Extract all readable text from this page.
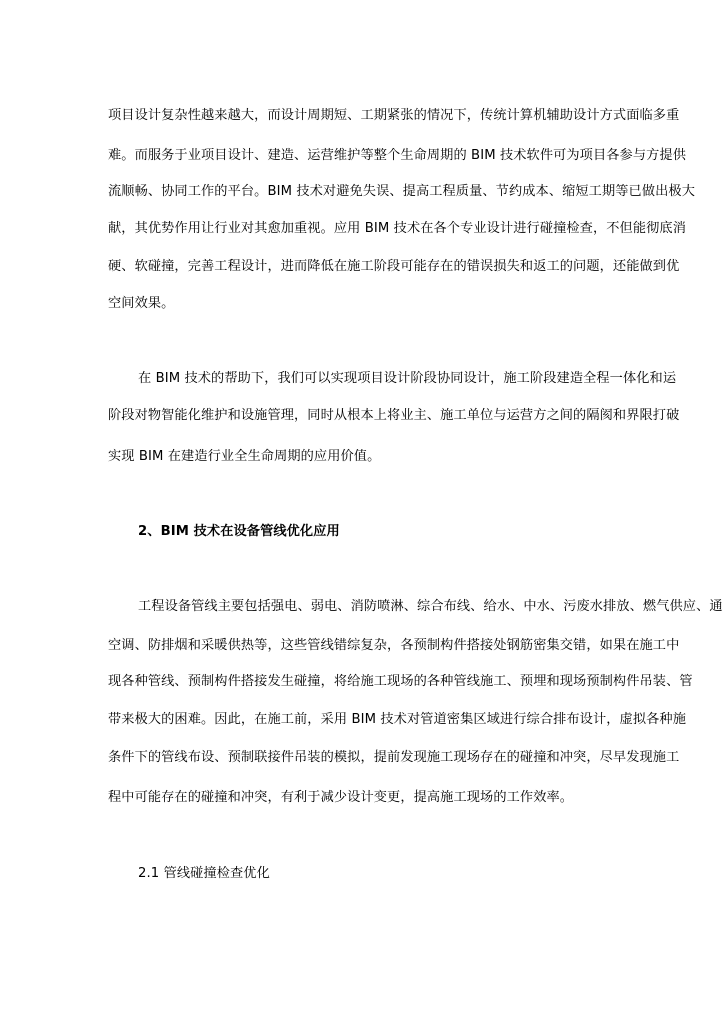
项目设计复杂性越来越大，而设计周期短、工期紧张的情况下，传统计算机辅助设计方式面临多重
难。而服务于业项目设计、建造、运营维护等整个生命周期的 BIM 技术软件可为项目各参与方提供
流顺畅、协同工作的平台。BIM 技术对避免失误、提高工程质量、节约成本、缩短工期等已做出极大
献，其优势作用让行业对其愈加重视。应用 BIM 技术在各个专业设计进行碰撞检查，不但能彻底消
硬、软碰撞，完善工程设计，进而降低在施工阶段可能存在的错误损失和返工的问题，还能做到优
空间效果。
在 BIM 技术的帮助下，我们可以实现项目设计阶段协同设计，施工阶段建造全程一体化和运
阶段对物智能化维护和设施管理，同时从根本上将业主、施工单位与运营方之间的隔阂和界限打破
实现 BIM 在建造行业全生命周期的应用价值。
2、BIM 技术在设备管线优化应用
工程设备管线主要包括强电、弱电、消防喷淋、综合布线、给水、中水、污废水排放、燃气供应、通
空调、防排烟和采暖供热等，这些管线错综复杂，各预制构件搭接处钢筋密集交错，如果在施工中
现各种管线、预制构件搭接发生碰撞，将给施工现场的各种管线施工、预埋和现场预制构件吊装、管
带来极大的困难。因此，在施工前，采用 BIM 技术对管道密集区域进行综合排布设计，虚拟各种施
条件下的管线布设、预制联接件吊装的模拟，提前发现施工现场存在的碰撞和冲突，尽早发现施工
程中可能存在的碰撞和冲突，有利于减少设计变更，提高施工现场的工作效率。
2.1 管线碰撞检查优化
